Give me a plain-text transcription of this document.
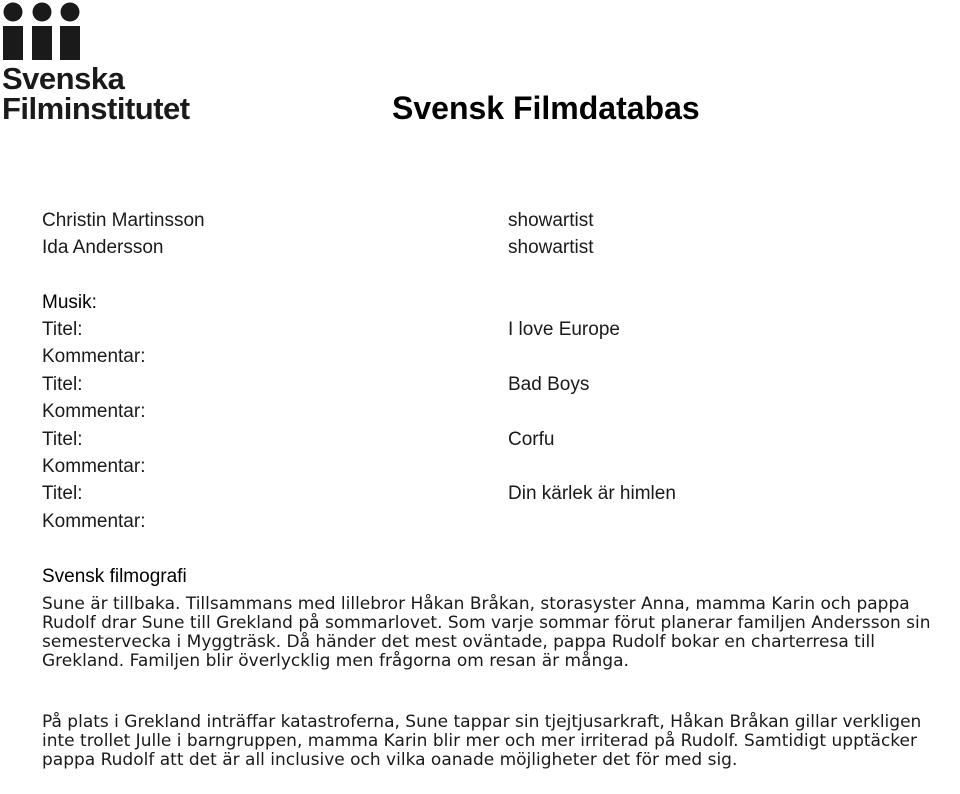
Svenska
Filminstitutet	Svensk Filmdatabas
Christin Martinsson	showartist
Ida Andersson	showartist
Musik:
Titel:	I love Europe
Kommentar:
Titel:	Bad Boys
Kommentar:
Titel:	Corfu
Kommentar:
Titel:	Din kärlek är himlen
Kommentar:
Svensk filmografi

Sune är tillbaka. Tillsammans med lillebror Håkan Bråkan, storasyster Anna, mamma Karin och pappa Rudolf drar Sune till Grekland på sommarlovet. Som varje sommar förut planerar familjen Andersson sin semestervecka i Myggträsk. Då händer det mest oväntade, pappa Rudolf bokar en charterresa till Grekland. Familjen blir överlycklig men frågorna om resan är många.

På plats i Grekland inträffar katastroferna, Sune tappar sin tjejtjusarkraft, Håkan Bråkan gillar verkligen inte trollet Julle i barngruppen, mamma Karin blir mer och mer irriterad på Rudolf. Samtidigt upptäcker pappa Rudolf att det är all inclusive och vilka oanade möjligheter det för med sig.
